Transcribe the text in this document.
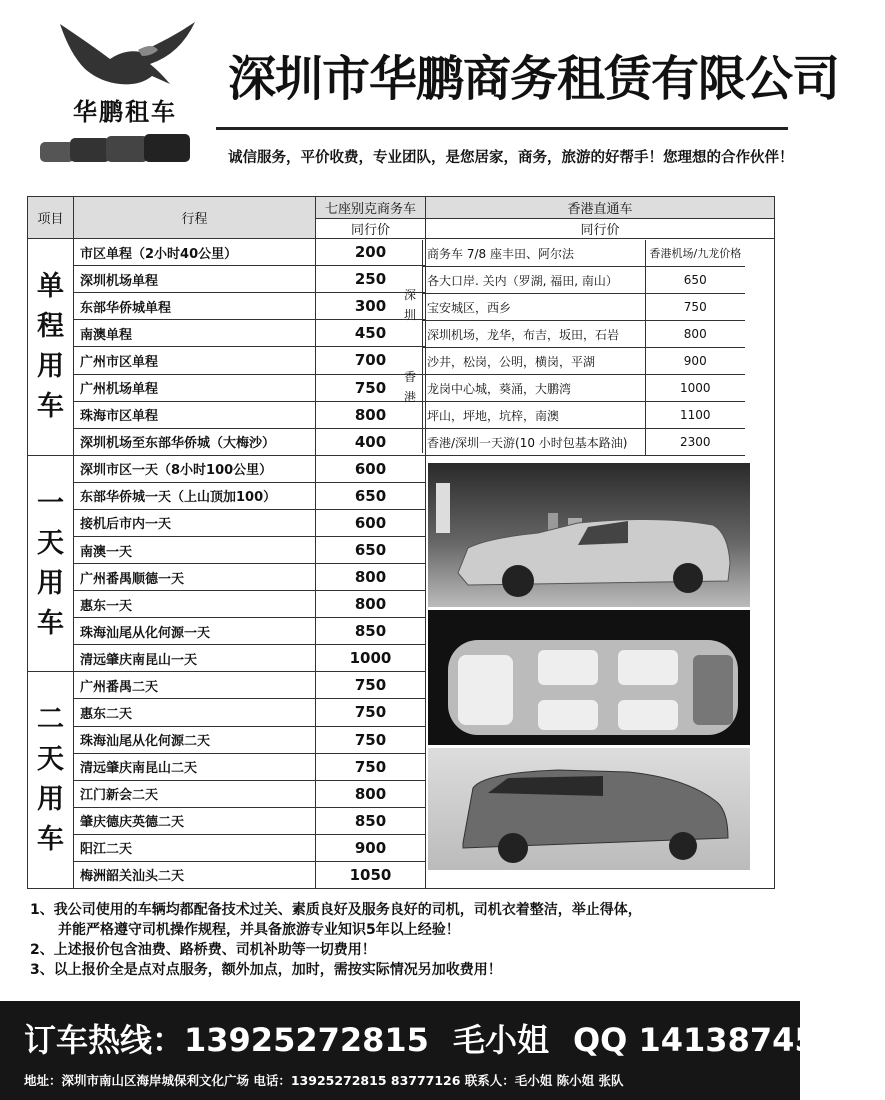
华鹏租车
深圳市华鹏商务租赁有限公司
诚信服务，平价收费，专业团队，是您居家，商务，旅游的好帮手！您理想的合作伙伴！
项目	行程	七座别克商务车	香港直通车
		同行价	同行价

单
程
用
车	市区单程（2小时40公里）	200	
	深圳机场单程	250	
	东部华侨城单程	300	
	南澳单程	450	
	广州市区单程	700	
	广州机场单程	750	
	珠海市区单程	800	
	深圳机场至东部华侨城（大梅沙）	400	

一
天
用
车	深圳市区一天（8小时100公里）	600	
	东部华侨城一天（上山顶加100）	650	
	接机后市内一天	600	
	南澳一天	650	
	广州番禺顺德一天	800	
	惠东一天	800	
	珠海汕尾从化何源一天	850	
	清远肇庆南昆山一天	1000	

二
天
用
车	广州番禺二天	750	
	惠东二天	750	
	珠海汕尾从化何源二天	750	
	清远肇庆南昆山二天	750	
	江门新会二天	800	
	肇庆德庆英德二天	850	
	阳江二天	900	
	梅洲韶关汕头二天	1050	
深
圳
香
港
商务车 7/8 座丰田、阿尔法	香港机场/九龙价格
各大口岸. 关内（罗湖, 福田, 南山）	650
宝安城区，西乡	750
深圳机场，龙华，布吉，坂田，石岩	800
沙井，松岗，公明，横岗，平湖	900
龙岗中心城，葵涌，大鹏湾	1000
坪山，坪地，坑梓，南澳	1100
香港/深圳一天游(10 小时包基本路油)	2300
1、我公司使用的车辆均都配备技术过关、素质良好及服务良好的司机，司机衣着整洁，举止得体，
　　并能严格遵守司机操作规程，并具备旅游专业知识5年以上经验！
2、上述报价包含油费、路桥费、司机补助等一切费用！
3、以上报价全是点对点服务，额外加点，加时，需按实际情况另加收费用！
订车热线：13925272815 毛小姐 QQ 1413874510
地址：深圳市南山区海岸城保利文化广场 电话：13925272815 83777126 联系人：毛小姐 陈小姐 张队
